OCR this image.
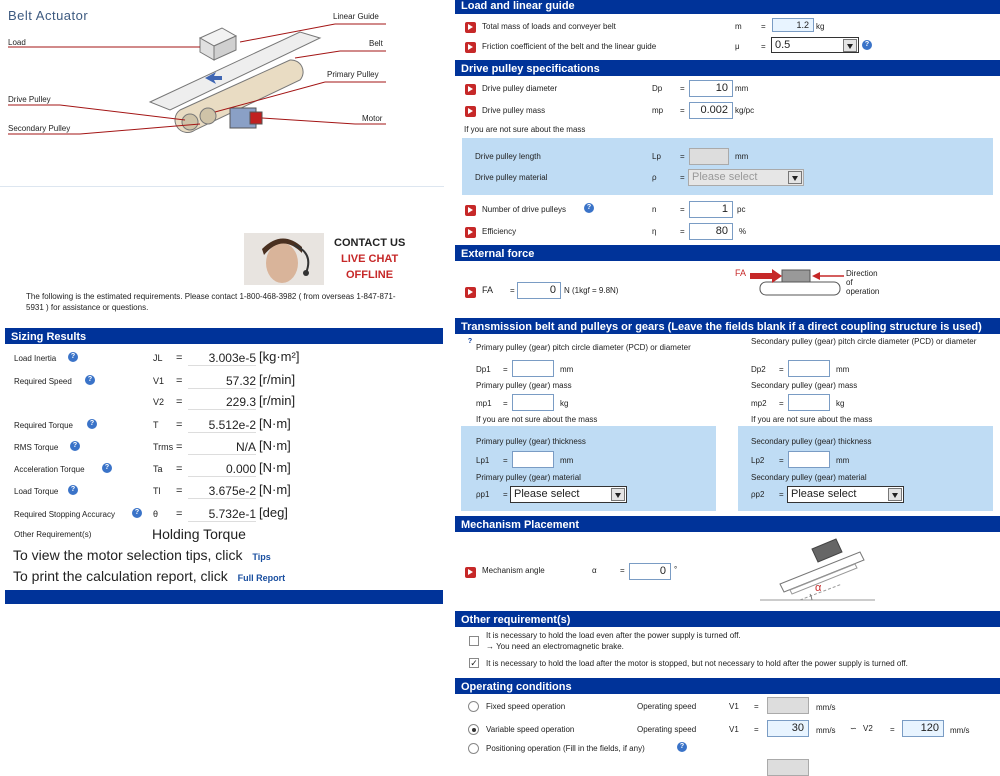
Belt Actuator	Linear Guide
Load	Belt
Primary Pulley
Drive Pulley
Motor
Secondary Pulley
CONTACT US
LIVE CHAT
OFFLINE
The following is the estimated requirements. Please contact 1-800-468-3982 ( from overseas 1-847-871-5931 ) for assistance or questions.
Sizing Results
Load Inertia	?	JL =	3.003e-5 [kg·m²]
Required Speed	?	V1 =	57.32 [r/min]
V2 =	229.3 [r/min]
Required Torque	?	T =	5.512e-2 [N·m]
RMS Torque	?	Trms =	N/A [N·m]
Acceleration Torque	?	Ta =	0.000 [N·m]
Load Torque	?	Tl =	3.675e-2 [N·m]
Required Stopping Accuracy	?	θ =	5.732e-1 [deg]
Other Requirement(s)	Holding Torque
To view the motor selection tips, click Tips
To print the calculation report, click Full Report
Load and linear guide
Total mass of loads and conveyer belt	m =	1.2 kg
Friction coefficient of the belt and the linear guide	μ	= 0.5	?
Drive pulley specifications
Drive pulley diameter	Dp =	10 mm
Drive pulley mass	mp =	0.002 kg/pc
If you are not sure about the mass
Drive pulley length	Lp =	mm
Drive pulley material	ρ	= Please select
Number of drive pulleys	?	n	=	1	pc
Efficiency	η	=	80	%
External force
FA =	0	N (1kgf = 9.8N)
FA	Direction
of
operation
Transmission belt and pulleys or gears (Leave the fields blank if a direct coupling structure is used) ?
Primary pulley (gear) pitch circle diameter (PCD) or diameter
Dp1 =	mm
Primary pulley (gear) mass
mp1 =	kg
If you are not sure about the mass
Primary pulley (gear) thickness
Lp1 =	mm
Primary pulley (gear) material
ρp1 = Please select
Secondary pulley (gear) pitch circle diameter (PCD) or diameter
Dp2 =	mm
Secondary pulley (gear) mass
mp2 =	kg
If you are not sure about the mass
Secondary pulley (gear) thickness
Lp2 =	mm
Secondary pulley (gear) material
ρp2 = Please select
Mechanism Placement
Mechanism angle	α	=	0	°
α
Other requirement(s)
It is necessary to hold the load even after the power supply is turned off.
→ You need an electromagnetic brake.
✓ It is necessary to hold the load after the motor is stopped, but not necessary to hold after the power supply is turned off.
Operating conditions
Fixed speed operation	Operating speed	V1 =	mm/s
Variable speed operation	Operating speed	V1 =	30	mm/s ∽ V2 =	120	mm/s
Positioning operation (Fill in the fields, if any)	?
